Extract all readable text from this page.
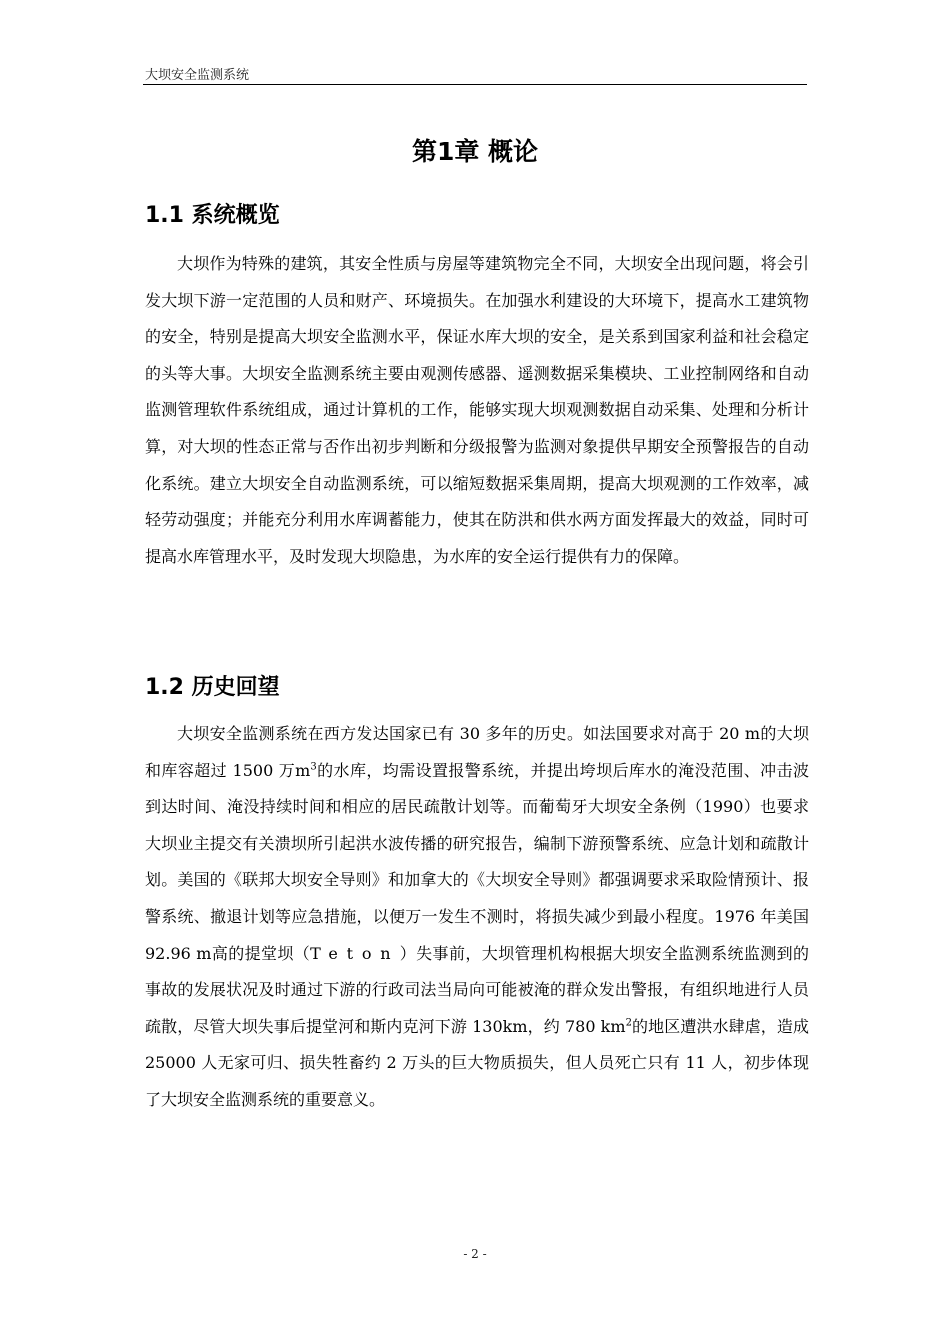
大坝安全监测系统
第1章 概论
1.1 系统概览

大坝作为特殊的建筑，其安全性质与房屋等建筑物完全不同，大坝安全出现问题，将会引发大坝下游一定范围的人员和财产、环境损失。在加强水利建设的大环境下，提高水工建筑物的安全，特别是提高大坝安全监测水平，保证水库大坝的安全，是关系到国家利益和社会稳定的头等大事。大坝安全监测系统主要由观测传感器、遥测数据采集模块、工业控制网络和自动监测管理软件系统组成，通过计算机的工作，能够实现大坝观测数据自动采集、处理和分析计算，对大坝的性态正常与否作出初步判断和分级报警为监测对象提供早期安全预警报告的自动化系统。建立大坝安全自动监测系统，可以缩短数据采集周期，提高大坝观测的工作效率，减轻劳动强度；并能充分利用水库调蓄能力，使其在防洪和供水两方面发挥最大的效益，同时可提高水库管理水平，及时发现大坝隐患，为水库的安全运行提供有力的保障。

1.2 历史回望

大坝安全监测系统在西方发达国家已有 30 多年的历史。如法国要求对高于 20 m的大坝和库容超过 1500 万$m^3$的水库，均需设置报警系统，并提出垮坝后库水的淹没范围、冲击波到达时间、淹没持续时间和相应的居民疏散计划等。而葡萄牙大坝安全条例（1990）也要求大坝业主提交有关溃坝所引起洪水波传播的研究报告，编制下游预警系统、应急计划和疏散计划。美国的《联邦大坝安全导则》和加拿大的《大坝安全导则》都强调要求采取险情预计、报警系统、撤退计划等应急措施，以便万一发生不测时，将损失减少到最小程度。1976 年美国 92.96 m高的提堂坝（Teton）失事前，大坝管理机构根据大坝安全监测系统监测到的事故的发展状况及时通过下游的行政司法当局向可能被淹的群众发出警报，有组织地进行人员疏散，尽管大坝失事后提堂河和斯内克河下游 130km，约 780 $km^2$的地区遭洪水肆虐，造成 25000 人无家可归、损失牲畜约 2 万头的巨大物质损失，但人员死亡只有 11 人，初步体现了大坝安全监测系统的重要意义。

- 2 -
